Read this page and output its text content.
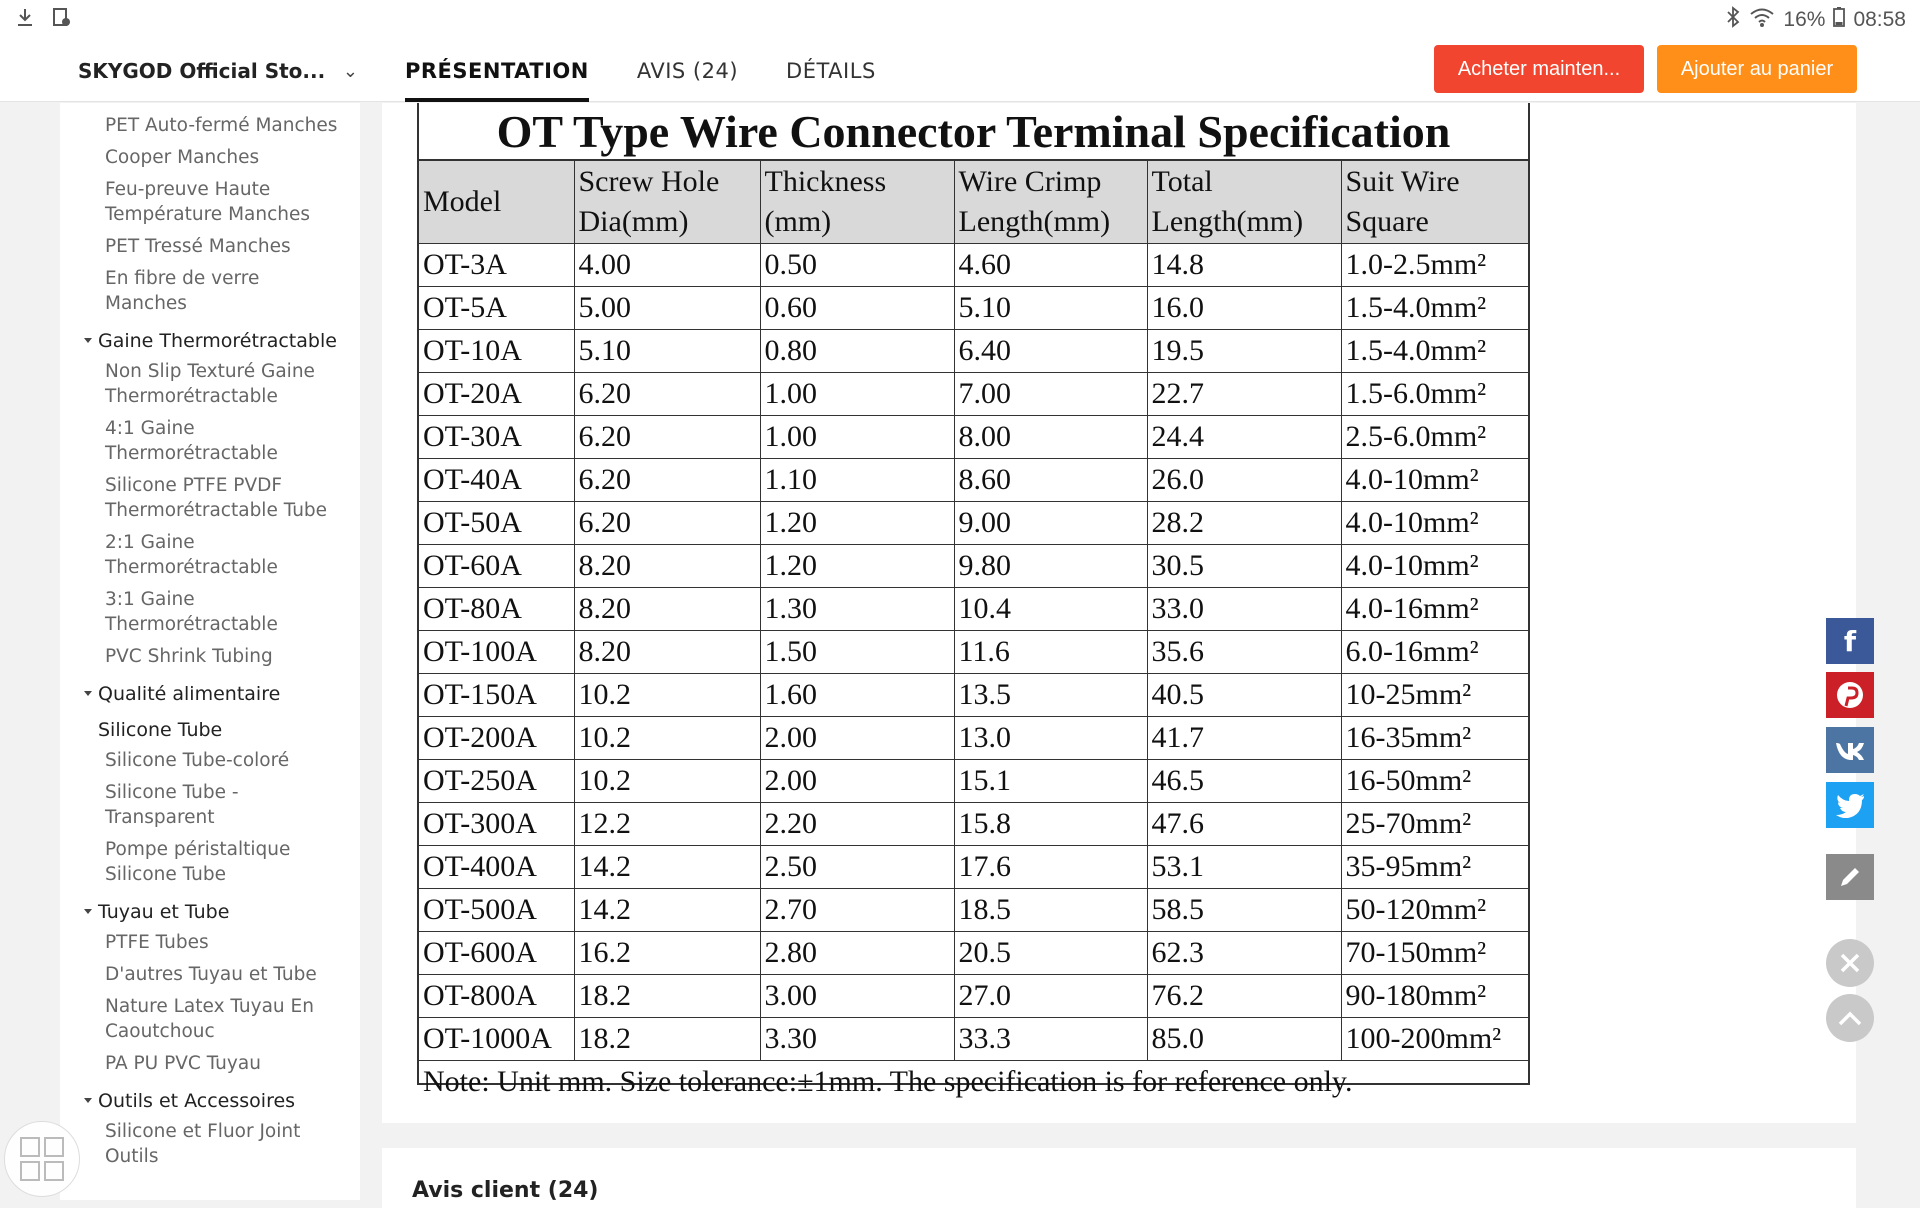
16% 08:58
SKYGOD Official Sto... ⌄ PRÉSENTATION AVIS (24) DÉTAILS	Acheter mainten...	Ajouter au panier
PET Auto-fermé Manches
Cooper Manches
Feu-preuve Haute Température Manches
PET Tressé Manches
En fibre de verre Manches
Gaine Thermorétractable
Non Slip Texturé Gaine Thermorétractable
4:1 Gaine Thermorétractable
Silicone PTFE PVDF Thermorétractable Tube
2:1 Gaine Thermorétractable
3:1 Gaine Thermorétractable
PVC Shrink Tubing
Qualité alimentaire Silicone Tube
Silicone Tube-coloré
Silicone Tube - Transparent
Pompe péristaltique Silicone Tube
Tuyau et Tube
PTFE Tubes
D'autres Tuyau et Tube
Nature Latex Tuyau En Caoutchouc
PA PU PVC Tuyau
Outils et Accessoires
Silicone et Fluor Joint Outils
OT Type Wire Connector Terminal Specification
Model	Screw Hole Dia(mm)	Thickness (mm)	Wire Crimp Length(mm)	Total Length(mm)	Suit Wire Square
OT-3A	4.00	0.50	4.60	14.8	1.0-2.5mm²
OT-5A	5.00	0.60	5.10	16.0	1.5-4.0mm²
OT-10A	5.10	0.80	6.40	19.5	1.5-4.0mm²
OT-20A	6.20	1.00	7.00	22.7	1.5-6.0mm²
OT-30A	6.20	1.00	8.00	24.4	2.5-6.0mm²
OT-40A	6.20	1.10	8.60	26.0	4.0-10mm²
OT-50A	6.20	1.20	9.00	28.2	4.0-10mm²
OT-60A	8.20	1.20	9.80	30.5	4.0-10mm²
OT-80A	8.20	1.30	10.4	33.0	4.0-16mm²
OT-100A	8.20	1.50	11.6	35.6	6.0-16mm²
OT-150A	10.2	1.60	13.5	40.5	10-25mm²
OT-200A	10.2	2.00	13.0	41.7	16-35mm²
OT-250A	10.2	2.00	15.1	46.5	16-50mm²
OT-300A	12.2	2.20	15.8	47.6	25-70mm²
OT-400A	14.2	2.50	17.6	53.1	35-95mm²
OT-500A	14.2	2.70	18.5	58.5	50-120mm²
OT-600A	16.2	2.80	20.5	62.3	70-150mm²
OT-800A	18.2	3.00	27.0	76.2	90-180mm²
OT-1000A	18.2	3.30	33.3	85.0	100-200mm²
Note: Unit mm. Size tolerance:±1mm. The specification is for reference only.					
Avis client (24)
f
